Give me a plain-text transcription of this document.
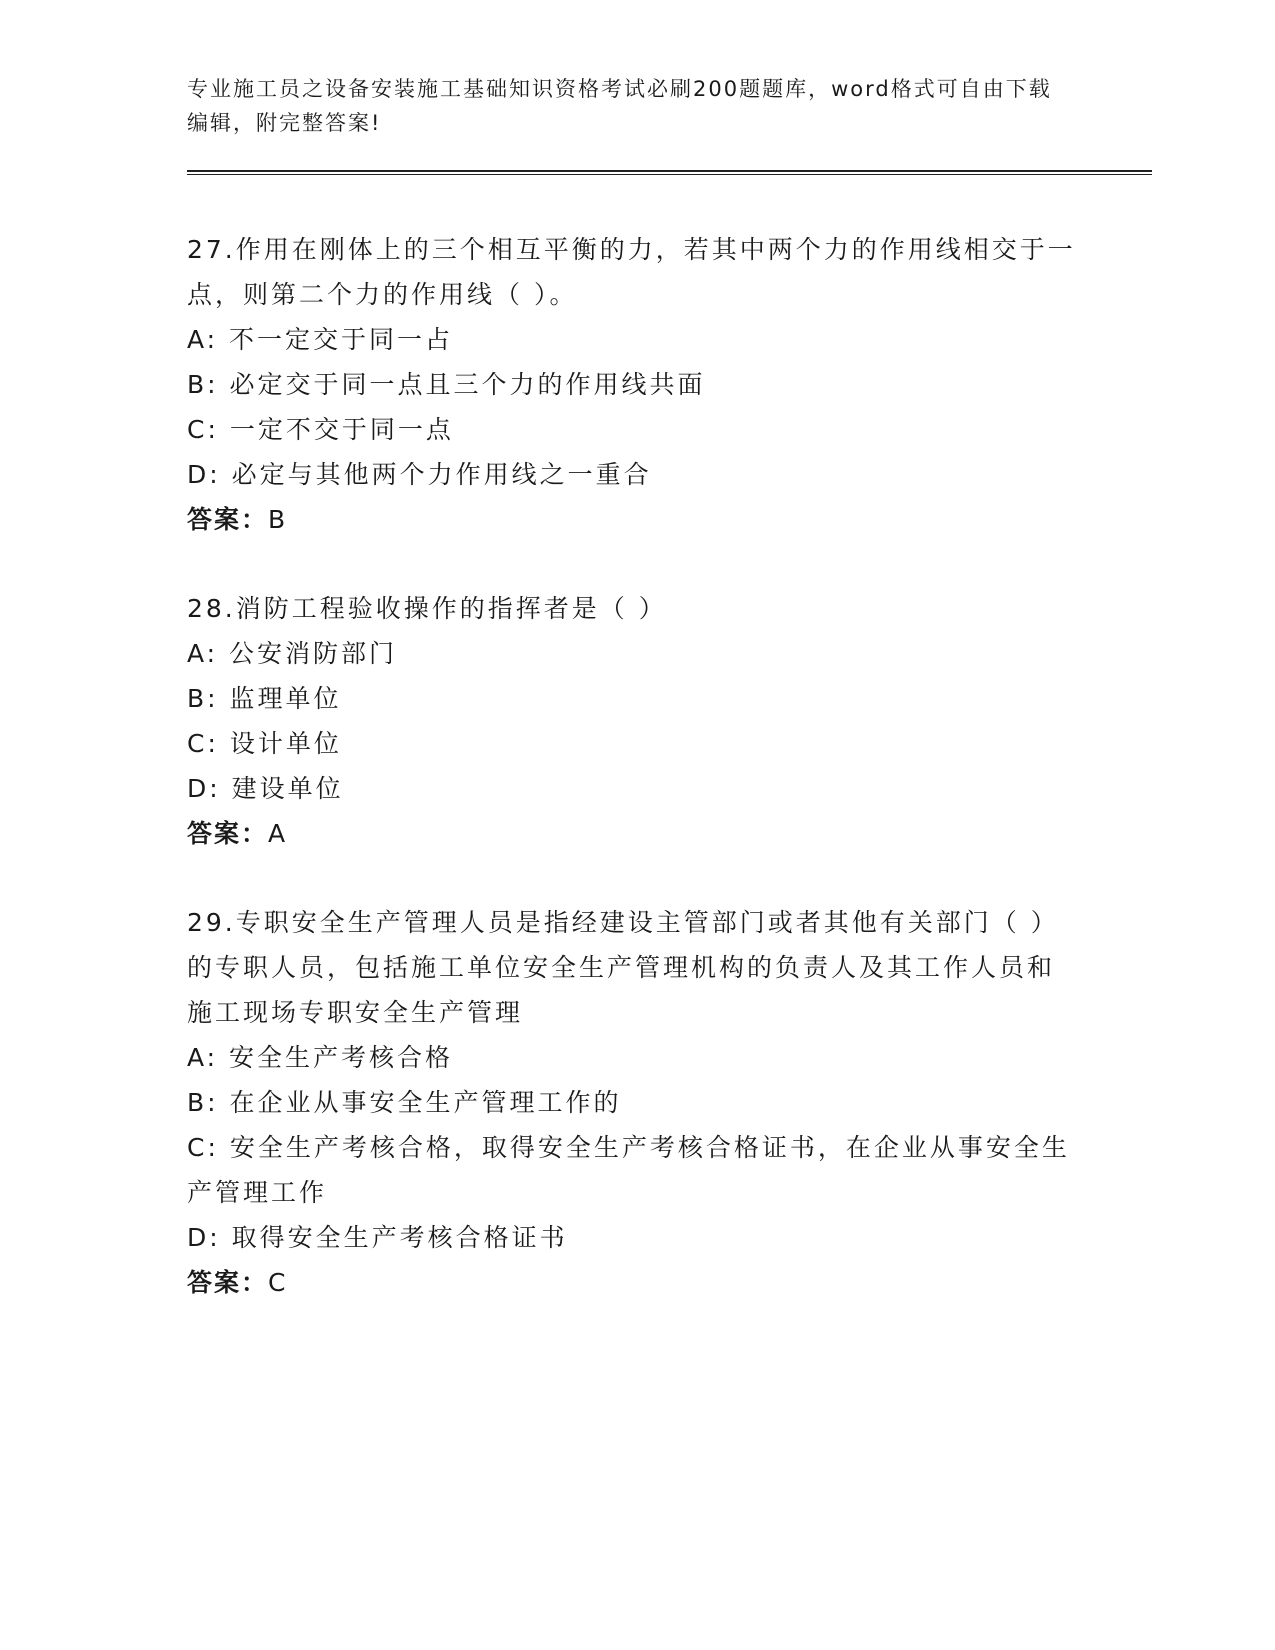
专业施工员之设备安装施工基础知识资格考试必刷200题题库，word格式可自由下载编辑，附完整答案!
27.作用在刚体上的三个相互平衡的力，若其中两个力的作用线相交于一点，则第二个力的作用线（ ）。
A: 不一定交于同一占
B: 必定交于同一点且三个力的作用线共面
C: 一定不交于同一点
D: 必定与其他两个力作用线之一重合
答案：B
28.消防工程验收操作的指挥者是（ ）
A: 公安消防部门
B: 监理单位
C: 设计单位
D: 建设单位
答案：A
29.专职安全生产管理人员是指经建设主管部门或者其他有关部门（ ）的专职人员，包括施工单位安全生产管理机构的负责人及其工作人员和施工现场专职安全生产管理
A: 安全生产考核合格
B: 在企业从事安全生产管理工作的
C: 安全生产考核合格，取得安全生产考核合格证书，在企业从事安全生产管理工作
D: 取得安全生产考核合格证书
答案：C
